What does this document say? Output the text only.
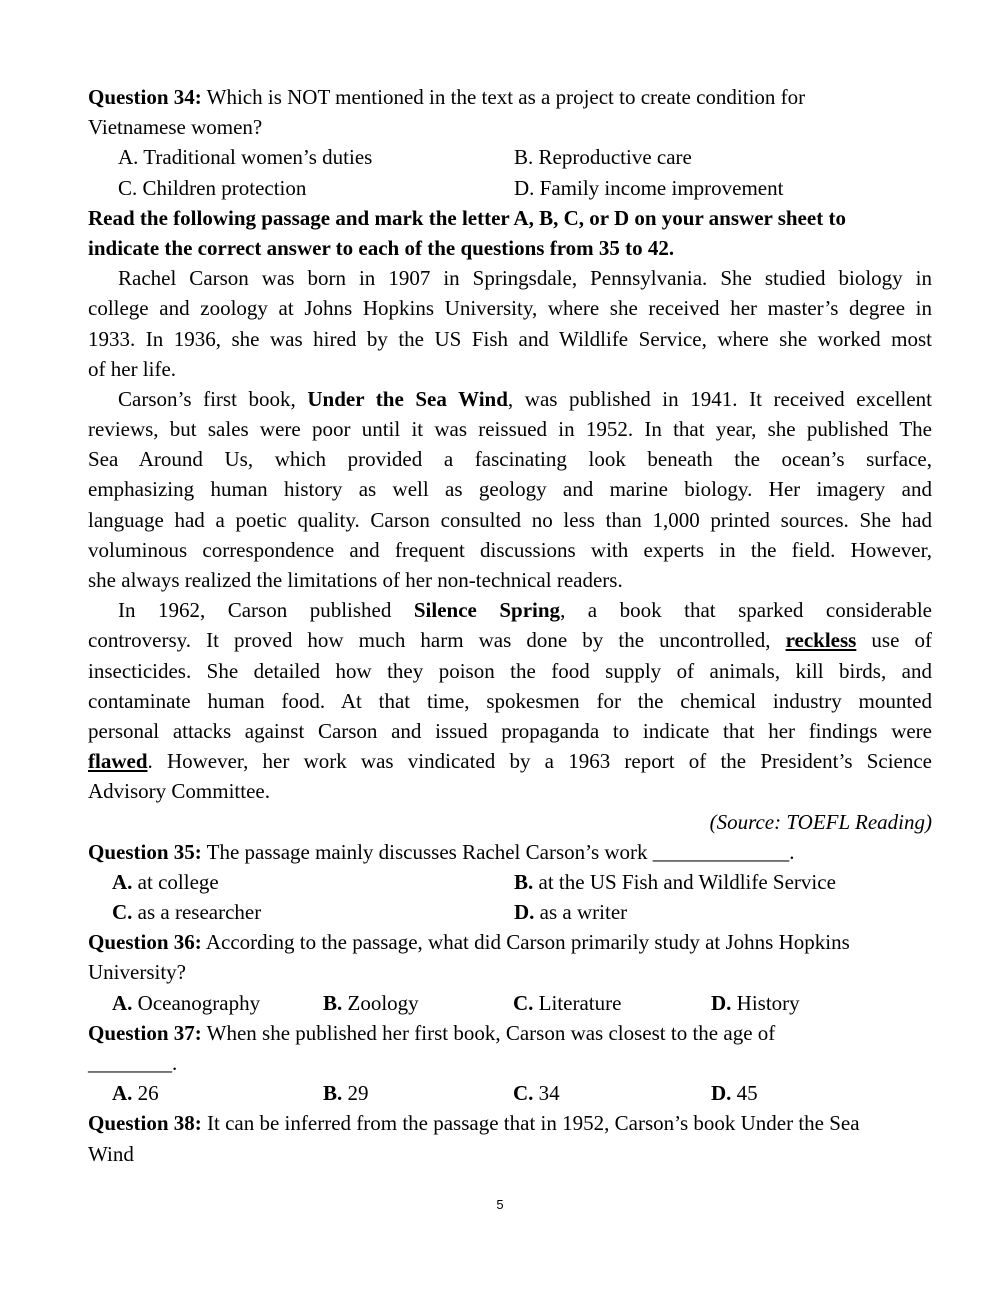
Question 34: Which is NOT mentioned in the text as a project to create condition for
Vietnamese women?
A. Traditional women’s duties	B. Reproductive care
C. Children protection	D. Family income improvement
Read the following passage and mark the letter A, B, C, or D on your answer sheet to
indicate the correct answer to each of the questions from 35 to 42.
Rachel Carson was born in 1907 in Springsdale, Pennsylvania. She studied biology in
college and zoology at Johns Hopkins University, where she received her master’s degree in
1933. In 1936, she was hired by the US Fish and Wildlife Service, where she worked most
of her life.
Carson’s first book, Under the Sea Wind, was published in 1941. It received excellent
reviews, but sales were poor until it was reissued in 1952. In that year, she published The
Sea Around Us, which provided a fascinating look beneath the ocean’s surface,
emphasizing human history as well as geology and marine biology. Her imagery and
language had a poetic quality. Carson consulted no less than 1,000 printed sources. She had
voluminous correspondence and frequent discussions with experts in the field. However,
she always realized the limitations of her non-technical readers.
In 1962, Carson published Silence Spring, a book that sparked considerable
controversy. It proved how much harm was done by the uncontrolled, reckless use of
insecticides. She detailed how they poison the food supply of animals, kill birds, and
contaminate human food. At that time, spokesmen for the chemical industry mounted
personal attacks against Carson and issued propaganda to indicate that her findings were
flawed. However, her work was vindicated by a 1963 report of the President’s Science
Advisory Committee.
(Source: TOEFL Reading)
Question 35: The passage mainly discusses Rachel Carson’s work _____________.
A. at college	B. at the US Fish and Wildlife Service
C. as a researcher	D. as a writer
Question 36: According to the passage, what did Carson primarily study at Johns Hopkins
University?
A. Oceanography	B. Zoology	C. Literature	D. History
Question 37: When she published her first book, Carson was closest to the age of
________.
A. 26	B. 29	C. 34	D. 45
Question 38: It can be inferred from the passage that in 1952, Carson’s book Under the Sea
Wind
5
